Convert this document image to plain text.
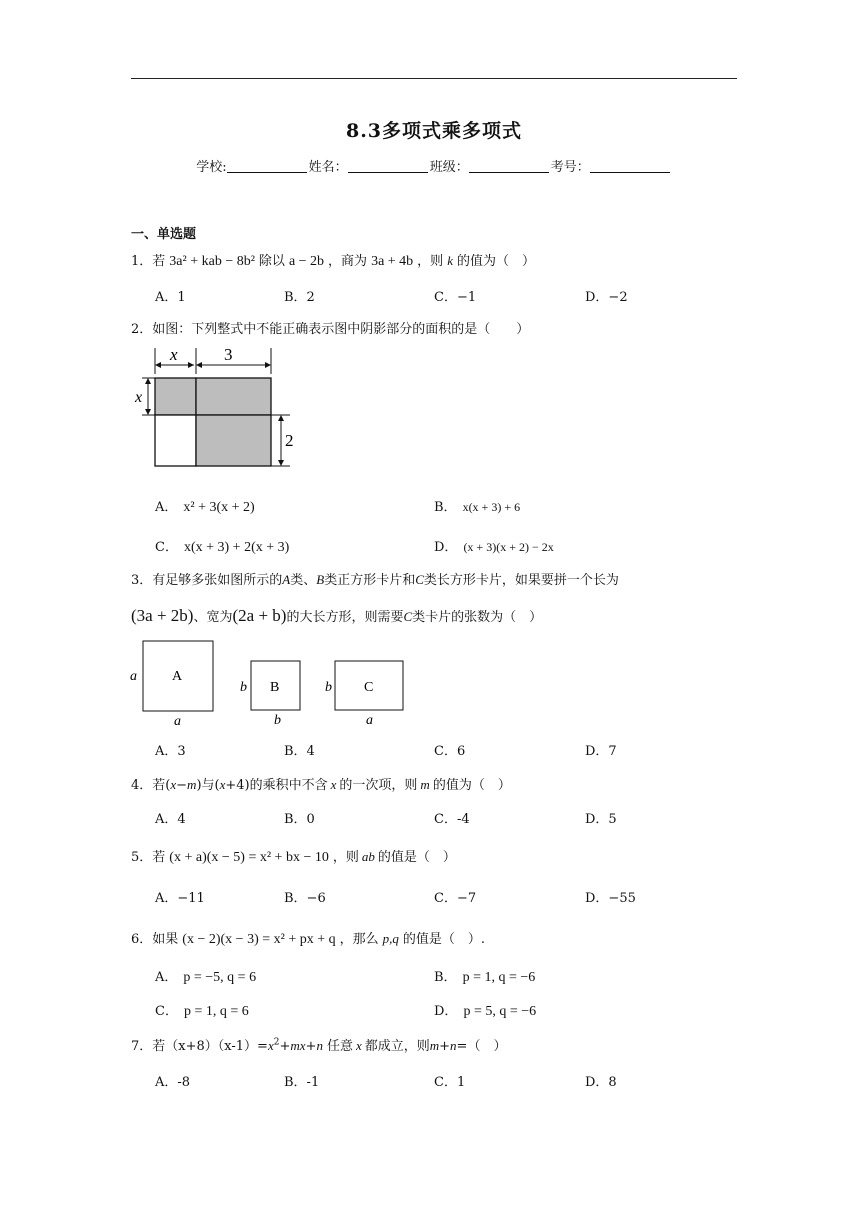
8.3多项式乘多项式
学校:	姓名：	班级：	考号：
一、单选题
1．若 3a² + kab − 8b² 除以 a − 2b ，商为 3a + 4b ，则 k 的值为（　）
A．1	B．2	C．−1	D．−2
2．如图：下列整式中不能正确表示图中阴影部分的面积的是（　　）
x	3
x
2
A． x² + 3(x + 2)	B． x(x + 3) + 6
C． x(x + 3) + 2(x + 3)	D． (x + 3)(x + 2) − 2x
3．有足够多张如图所示的A类、B类正方形卡片和C类长方形卡片，如果要拼一个长为
(3a + 2b)、宽为(2a + b)的大长方形，则需要C类卡片的张数为（　）
A
a
a
B
b
b
C
b
a
A．3	B．4	C．6	D．7
4．若(x−m)与(x+4)的乘积中不含 x 的一次项，则 m 的值为（　）
A．4	B．0	C．-4	D．5
5．若 (x + a)(x − 5) = x² + bx − 10 ，则 ab 的值是（　）
A．−11	B．−6	C．−7	D．−55
6．如果 (x − 2)(x − 3) = x² + px + q ，那么 p,q 的值是（　）.
A． p = −5, q = 6	B． p = 1, q = −6
C． p = 1, q = 6	D． p = 5, q = −6
7．若$(x+8)(x-1)=x^2+mx+n$ 任意 x 都成立，则m+n=（　）
A．-8	B．-1	C．1	D．8
